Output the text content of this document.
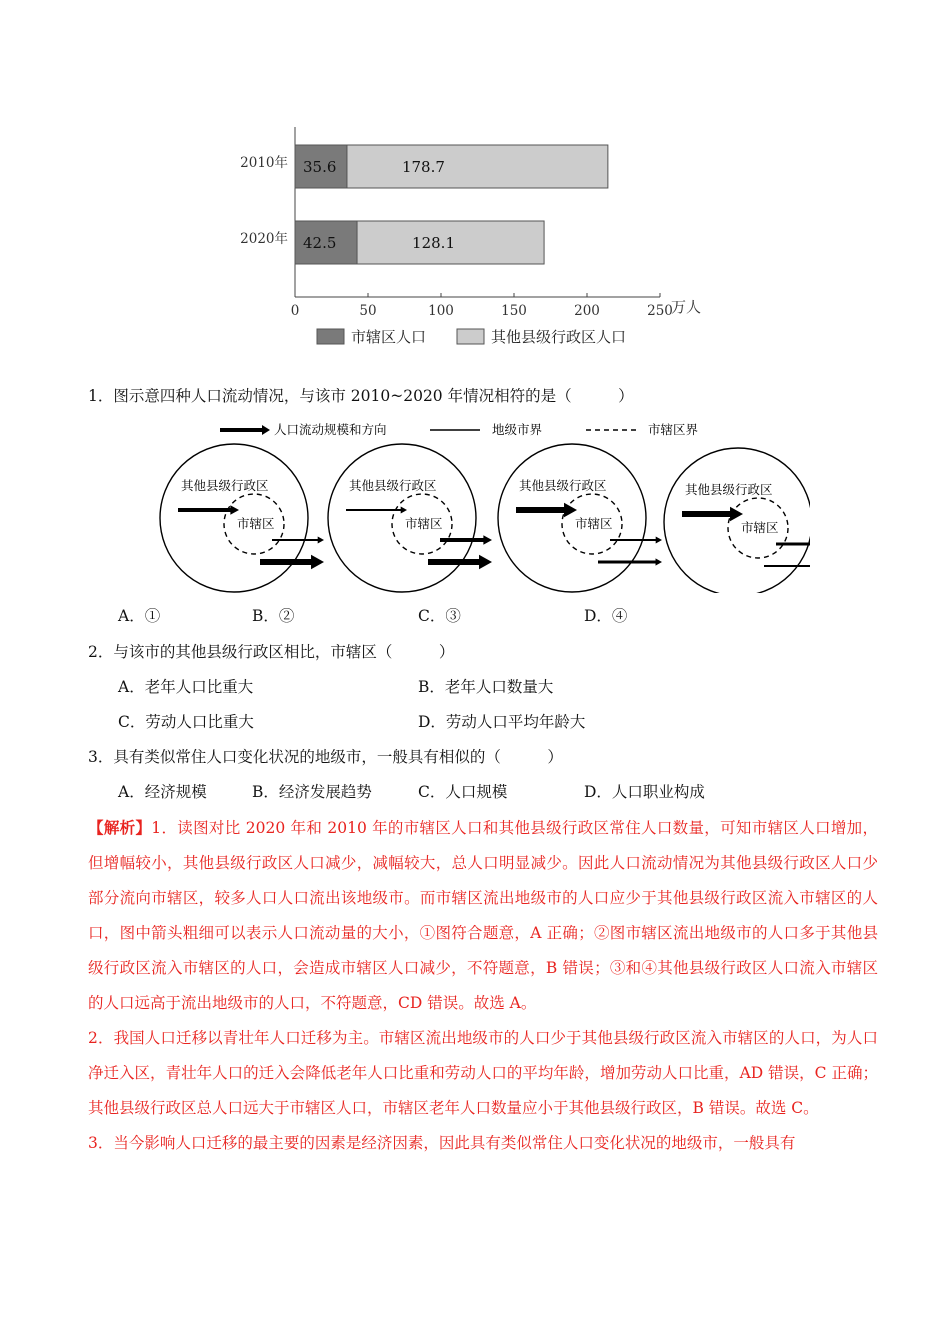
35.6	178.7
2010年
42.5	128.1
2020年
0	50	100	150	200	250
万人
市辖区人口	其他县级行政区人口
1．图示意四种人口流动情况，与该市 2010~2020 年情况相符的是（　　　）
人口流动规模和方向	地级市界	市辖区界
其他县级行政区
市辖区
其他县级行政区
市辖区
其他县级行政区
市辖区
其他县级行政区
市辖区
A．①	B．②	C．③	D．④
2．与该市的其他县级行政区相比，市辖区（　　　）
A．老年人口比重大	B．老年人口数量大
C．劳动人口比重大	D．劳动人口平均年龄大
3．具有类似常住人口变化状况的地级市，一般具有相似的（　　　）
A．经济规模	B．经济发展趋势	C．人口规模	D．人口职业构成

【解析】1．读图对比 2020 年和 2010 年的市辖区人口和其他县级行政区常住人口数量，可知市辖区人口增加，但增幅较小，其他县级行政区人口减少，减幅较大，总人口明显减少。因此人口流动情况为其他县级行政区人口少部分流向市辖区，较多人口人口流出该地级市。而市辖区流出地级市的人口应少于其他县级行政区流入市辖区的人口，图中箭头粗细可以表示人口流动量的大小，①图符合题意，A 正确；②图市辖区流出地级市的人口多于其他县级行政区流入市辖区的人口，会造成市辖区人口减少，不符题意，B 错误；③和④其他县级行政区人口流入市辖区的人口远高于流出地级市的人口，不符题意，CD 错误。故选 A。

2．我国人口迁移以青壮年人口迁移为主。市辖区流出地级市的人口少于其他县级行政区流入市辖区的人口，为人口净迁入区，青壮年人口的迁入会降低老年人口比重和劳动人口的平均年龄，增加劳动人口比重，AD 错误，C 正确；其他县级行政区总人口远大于市辖区人口，市辖区老年人口数量应小于其他县级行政区，B 错误。故选 C。

3．当今影响人口迁移的最主要的因素是经济因素，因此具有类似常住人口变化状况的地级市，一般具有
